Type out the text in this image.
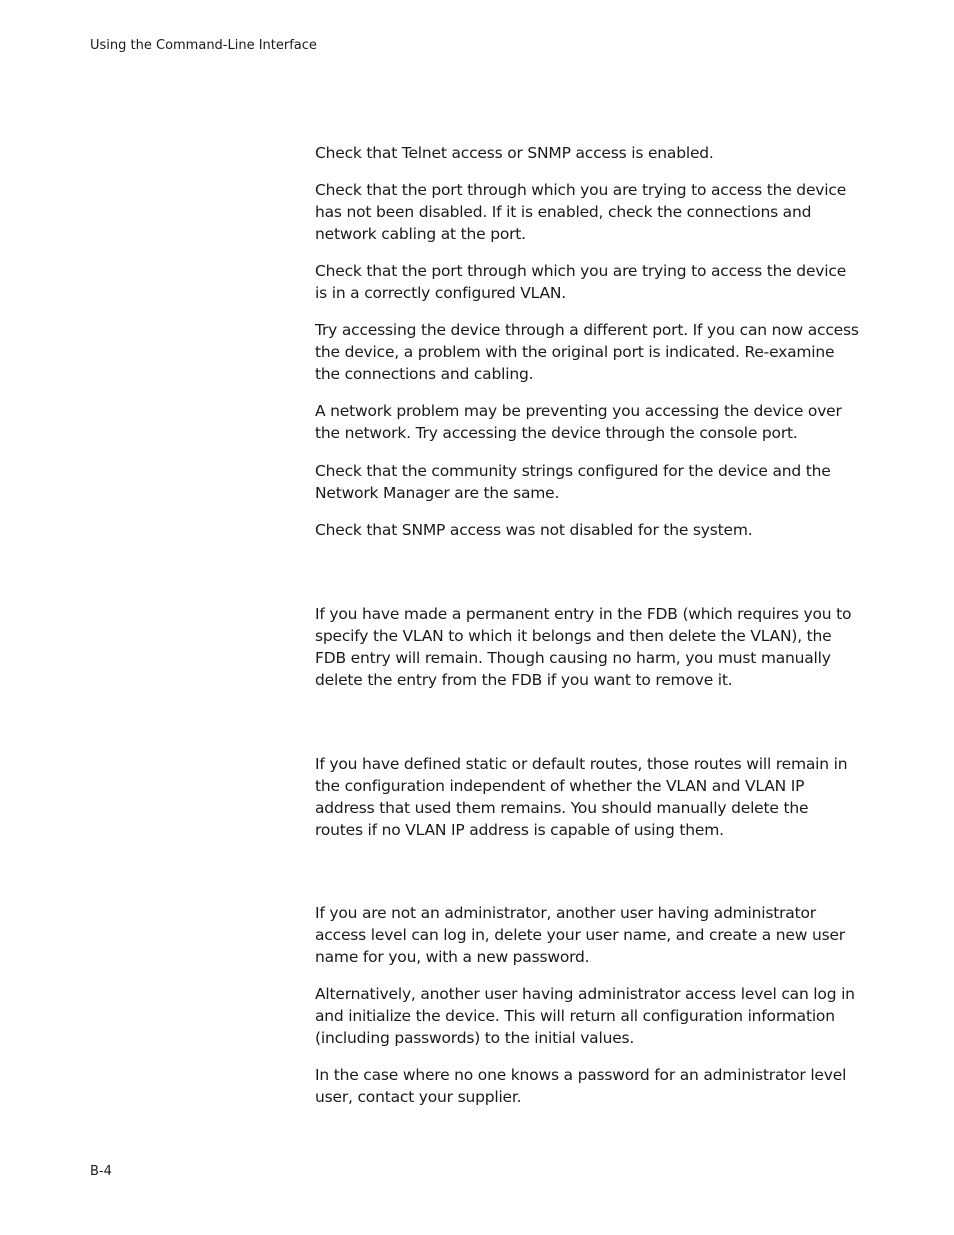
Using the Command-Line Interface

Check that Telnet access or SNMP access is enabled.

Check that the port through which you are trying to access the device has not been disabled. If it is enabled, check the connections and network cabling at the port.

Check that the port through which you are trying to access the device is in a correctly configured VLAN.

Try accessing the device through a different port. If you can now access the device, a problem with the original port is indicated. Re-examine the connections and cabling.

A network problem may be preventing you accessing the device over the network. Try accessing the device through the console port.

Check that the community strings configured for the device and the Network Manager are the same.

Check that SNMP access was not disabled for the system.

If you have made a permanent entry in the FDB (which requires you to specify the VLAN to which it belongs and then delete the VLAN), the FDB entry will remain. Though causing no harm, you must manually delete the entry from the FDB if you want to remove it.

If you have defined static or default routes, those routes will remain in the configuration independent of whether the VLAN and VLAN IP address that used them remains. You should manually delete the routes if no VLAN IP address is capable of using them.

If you are not an administrator, another user having administrator access level can log in, delete your user name, and create a new user name for you, with a new password.

Alternatively, another user having administrator access level can log in and initialize the device. This will return all configuration information (including passwords) to the initial values.

In the case where no one knows a password for an administrator level user, contact your supplier.

B-4
